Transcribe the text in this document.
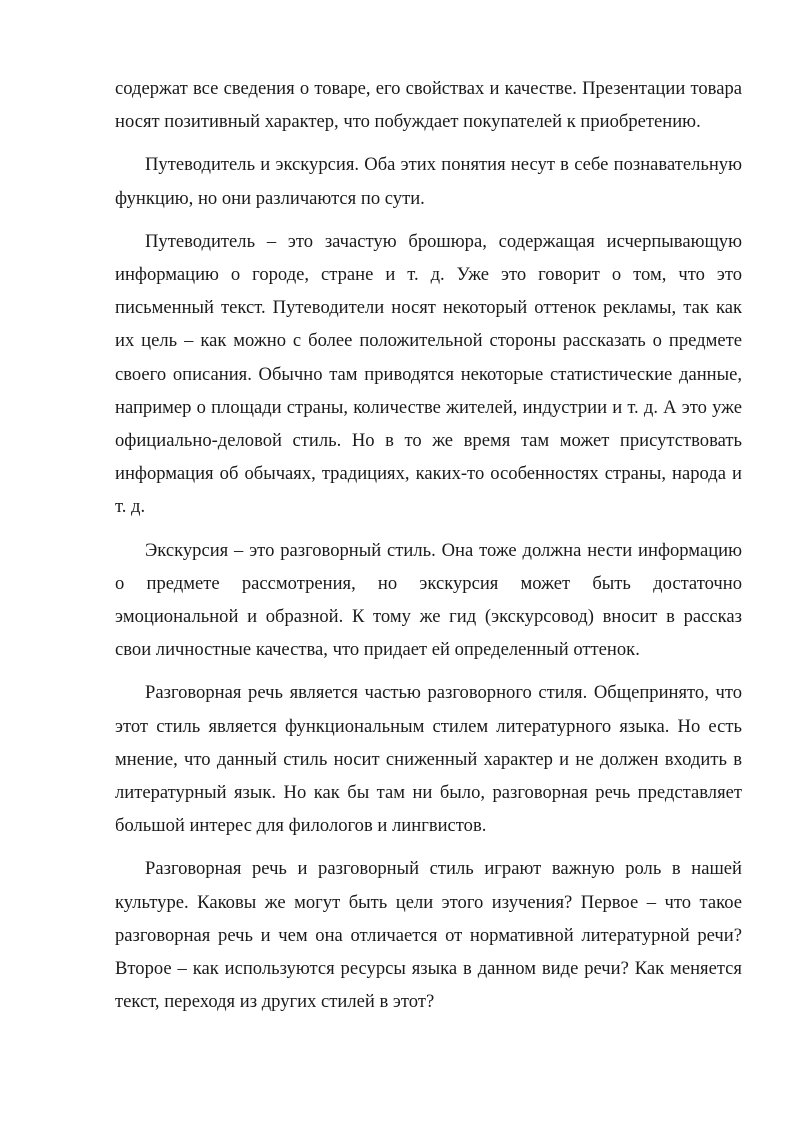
содержат все сведения о товаре, его свойствах и качестве. Презентации товара носят позитивный характер, что побуждает покупателей к приобретению.

Путеводитель и экскурсия. Оба этих понятия несут в себе познавательную функцию, но они различаются по сути.

Путеводитель – это зачастую брошюра, содержащая исчерпывающую информацию о городе, стране и т. д. Уже это говорит о том, что это письменный текст. Путеводители носят некоторый оттенок рекламы, так как их цель – как можно с более положительной стороны рассказать о предмете своего описания. Обычно там приводятся некоторые статистические данные, например о площади страны, количестве жителей, индустрии и т. д. А это уже официально-деловой стиль. Но в то же время там может присутствовать информация об обычаях, традициях, каких-то особенностях страны, народа и т. д.

Экскурсия – это разговорный стиль. Она тоже должна нести информацию о предмете рассмотрения, но экскурсия может быть достаточно эмоциональной и образной. К тому же гид (экскурсовод) вносит в рассказ свои личностные качества, что придает ей определенный оттенок.

Разговорная речь является частью разговорного стиля. Общепринято, что этот стиль является функциональным стилем литературного языка. Но есть мнение, что данный стиль носит сниженный характер и не должен входить в литературный язык. Но как бы там ни было, разговорная речь представляет большой интерес для филологов и лингвистов.

Разговорная речь и разговорный стиль играют важную роль в нашей культуре. Каковы же могут быть цели этого изучения? Первое – что такое разговорная речь и чем она отличается от нормативной литературной речи? Второе – как используются ресурсы языка в данном виде речи? Как меняется текст, переходя из других стилей в этот?
